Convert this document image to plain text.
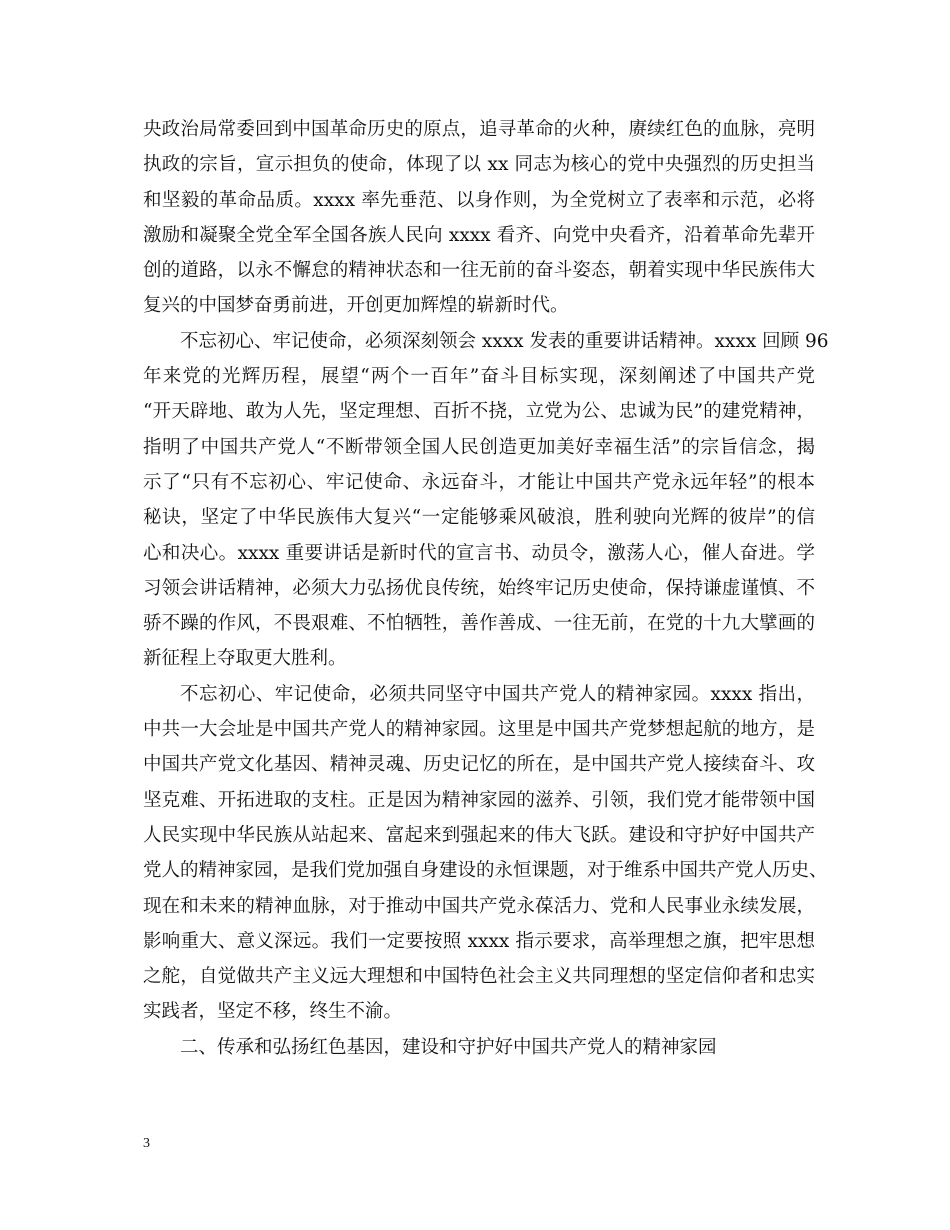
央政治局常委回到中国革命历史的原点，追寻革命的火种，赓续红色的血脉，亮明
执政的宗旨，宣示担负的使命，体现了以 xx 同志为核心的党中央强烈的历史担当
和坚毅的革命品质。xxxx 率先垂范、以身作则，为全党树立了表率和示范，必将
激励和凝聚全党全军全国各族人民向 xxxx 看齐、向党中央看齐，沿着革命先辈开
创的道路，以永不懈怠的精神状态和一往无前的奋斗姿态，朝着实现中华民族伟大
复兴的中国梦奋勇前进，开创更加辉煌的崭新时代。
不忘初心、牢记使命，必须深刻领会 xxxx 发表的重要讲话精神。xxxx 回顾 96
年来党的光辉历程，展望“两个一百年”奋斗目标实现，深刻阐述了中国共产党
“开天辟地、敢为人先，坚定理想、百折不挠，立党为公、忠诚为民”的建党精神，
指明了中国共产党人“不断带领全国人民创造更加美好幸福生活”的宗旨信念，揭
示了“只有不忘初心、牢记使命、永远奋斗，才能让中国共产党永远年轻”的根本
秘诀，坚定了中华民族伟大复兴“一定能够乘风破浪，胜利驶向光辉的彼岸”的信
心和决心。xxxx 重要讲话是新时代的宣言书、动员令，激荡人心，催人奋进。学
习领会讲话精神，必须大力弘扬优良传统，始终牢记历史使命，保持谦虚谨慎、不
骄不躁的作风，不畏艰难、不怕牺牲，善作善成、一往无前，在党的十九大擘画的
新征程上夺取更大胜利。
不忘初心、牢记使命，必须共同坚守中国共产党人的精神家园。xxxx 指出，
中共一大会址是中国共产党人的精神家园。这里是中国共产党梦想起航的地方，是
中国共产党文化基因、精神灵魂、历史记忆的所在，是中国共产党人接续奋斗、攻
坚克难、开拓进取的支柱。正是因为精神家园的滋养、引领，我们党才能带领中国
人民实现中华民族从站起来、富起来到强起来的伟大飞跃。建设和守护好中国共产
党人的精神家园，是我们党加强自身建设的永恒课题，对于维系中国共产党人历史、
现在和未来的精神血脉，对于推动中国共产党永葆活力、党和人民事业永续发展，
影响重大、意义深远。我们一定要按照 xxxx 指示要求，高举理想之旗，把牢思想
之舵，自觉做共产主义远大理想和中国特色社会主义共同理想的坚定信仰者和忠实
实践者，坚定不移，终生不渝。
二、传承和弘扬红色基因，建设和守护好中国共产党人的精神家园
3
